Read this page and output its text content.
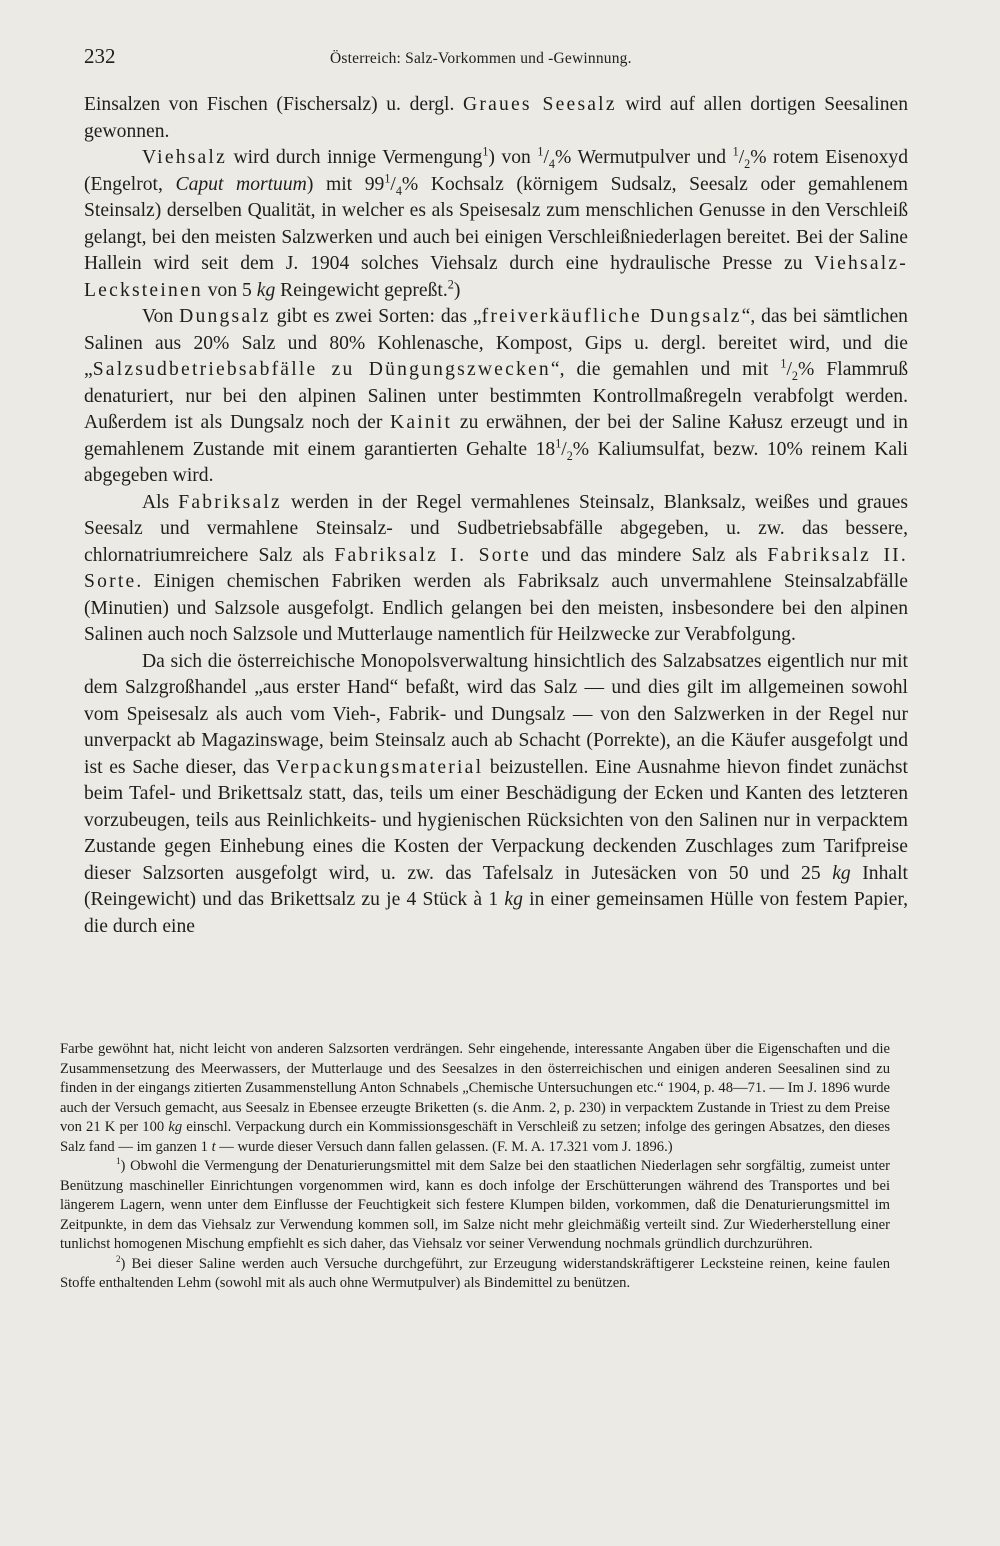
232	Österreich: Salz-Vorkommen und -Gewinnung.

Einsalzen von Fischen (Fischersalz) u. dergl. Graues Seesalz wird auf allen dortigen Seesalinen gewonnen.

Viehsalz wird durch innige Vermengung$^1$) von $^1/_4\%$ Wermutpulver und $^1/_2\%$ rotem Eisenoxyd (Engelrot, Caput mortuum) mit $99^1/_4\%$ Kochsalz (körnigem Sudsalz, Seesalz oder gemahlenem Steinsalz) derselben Qualität, in welcher es als Speisesalz zum menschlichen Genusse in den Verschleiß gelangt, bei den meisten Salzwerken und auch bei einigen Verschleißniederlagen bereitet. Bei der Saline Hallein wird seit dem J. 1904 solches Viehsalz durch eine hydraulische Presse zu Viehsalz-Lecksteinen von 5 kg Reingewicht gepreßt.$^2$)

Von Dungsalz gibt es zwei Sorten: das „freiverkäufliche Dungsalz“, das bei sämtlichen Salinen aus 20% Salz und 80% Kohlenasche, Kompost, Gips u. dergl. bereitet wird, und die „Salzsudbetriebsabfälle zu Düngungszwecken“, die gemahlen und mit $^1/_2\%$ Flammruß denaturiert, nur bei den alpinen Salinen unter bestimmten Kontrollmaßregeln verabfolgt werden. Außerdem ist als Dungsalz noch der Kainit zu erwähnen, der bei der Saline Kałusz erzeugt und in gemahlenem Zustande mit einem garantierten Gehalte $18^1/_2\%$ Kaliumsulfat, bezw. 10% reinem Kali abgegeben wird.

Als Fabriksalz werden in der Regel vermahlenes Steinsalz, Blanksalz, weißes und graues Seesalz und vermahlene Steinsalz- und Sudbetriebsabfälle abgegeben, u. zw. das bessere, chlornatriumreichere Salz als Fabriksalz I. Sorte und das mindere Salz als Fabriksalz II. Sorte. Einigen chemischen Fabriken werden als Fabriksalz auch unvermahlene Steinsalzabfälle (Minutien) und Salzsole ausgefolgt. Endlich gelangen bei den meisten, insbesondere bei den alpinen Salinen auch noch Salzsole und Mutterlauge namentlich für Heilzwecke zur Verabfolgung.

Da sich die österreichische Monopolsverwaltung hinsichtlich des Salzabsatzes eigentlich nur mit dem Salzgroßhandel „aus erster Hand“ befaßt, wird das Salz — und dies gilt im allgemeinen sowohl vom Speisesalz als auch vom Vieh-, Fabrik- und Dungsalz — von den Salzwerken in der Regel nur unverpackt ab Magazinswage, beim Steinsalz auch ab Schacht (Porrekte), an die Käufer ausgefolgt und ist es Sache dieser, das Verpackungsmaterial beizustellen. Eine Ausnahme hievon findet zunächst beim Tafel- und Brikettsalz statt, das, teils um einer Beschädigung der Ecken und Kanten des letzteren vorzubeugen, teils aus Reinlichkeits- und hygienischen Rücksichten von den Salinen nur in verpacktem Zustande gegen Einhebung eines die Kosten der Verpackung deckenden Zuschlages zum Tarifpreise dieser Salzsorten ausgefolgt wird, u. zw. das Tafelsalz in Jutesäcken von 50 und 25 kg Inhalt (Reingewicht) und das Brikettsalz zu je 4 Stück à 1 kg in einer gemeinsamen Hülle von festem Papier, die durch eine

Farbe gewöhnt hat, nicht leicht von anderen Salzsorten verdrängen. Sehr eingehende, interessante Angaben über die Eigenschaften und die Zusammensetzung des Meerwassers, der Mutterlauge und des Seesalzes in den österreichischen und einigen anderen Seesalinen sind zu finden in der eingangs zitierten Zusammenstellung Anton Schnabels „Chemische Untersuchungen etc.“ 1904, p. 48—71. — Im J. 1896 wurde auch der Versuch gemacht, aus Seesalz in Ebensee erzeugte Briketten (s. die Anm. 2, p. 230) in verpacktem Zustande in Triest zu dem Preise von 21 K per 100 kg einschl. Verpackung durch ein Kommissionsgeschäft in Verschleiß zu setzen; infolge des geringen Absatzes, den dieses Salz fand — im ganzen 1 t — wurde dieser Versuch dann fallen gelassen. (F. M. A. 17.321 vom J. 1896.)

$^1$) Obwohl die Vermengung der Denaturierungsmittel mit dem Salze bei den staatlichen Niederlagen sehr sorgfältig, zumeist unter Benützung maschineller Einrichtungen vorgenommen wird, kann es doch infolge der Erschütterungen während des Transportes und bei längerem Lagern, wenn unter dem Einflusse der Feuchtigkeit sich festere Klumpen bilden, vorkommen, daß die Denaturierungsmittel im Zeitpunkte, in dem das Viehsalz zur Verwendung kommen soll, im Salze nicht mehr gleichmäßig verteilt sind. Zur Wiederherstellung einer tunlichst homogenen Mischung empfiehlt es sich daher, das Viehsalz vor seiner Verwendung nochmals gründlich durchzurühren.

$^2$) Bei dieser Saline werden auch Versuche durchgeführt, zur Erzeugung widerstandskräftigerer Lecksteine reinen, keine faulen Stoffe enthaltenden Lehm (sowohl mit als auch ohne Wermutpulver) als Bindemittel zu benützen.
